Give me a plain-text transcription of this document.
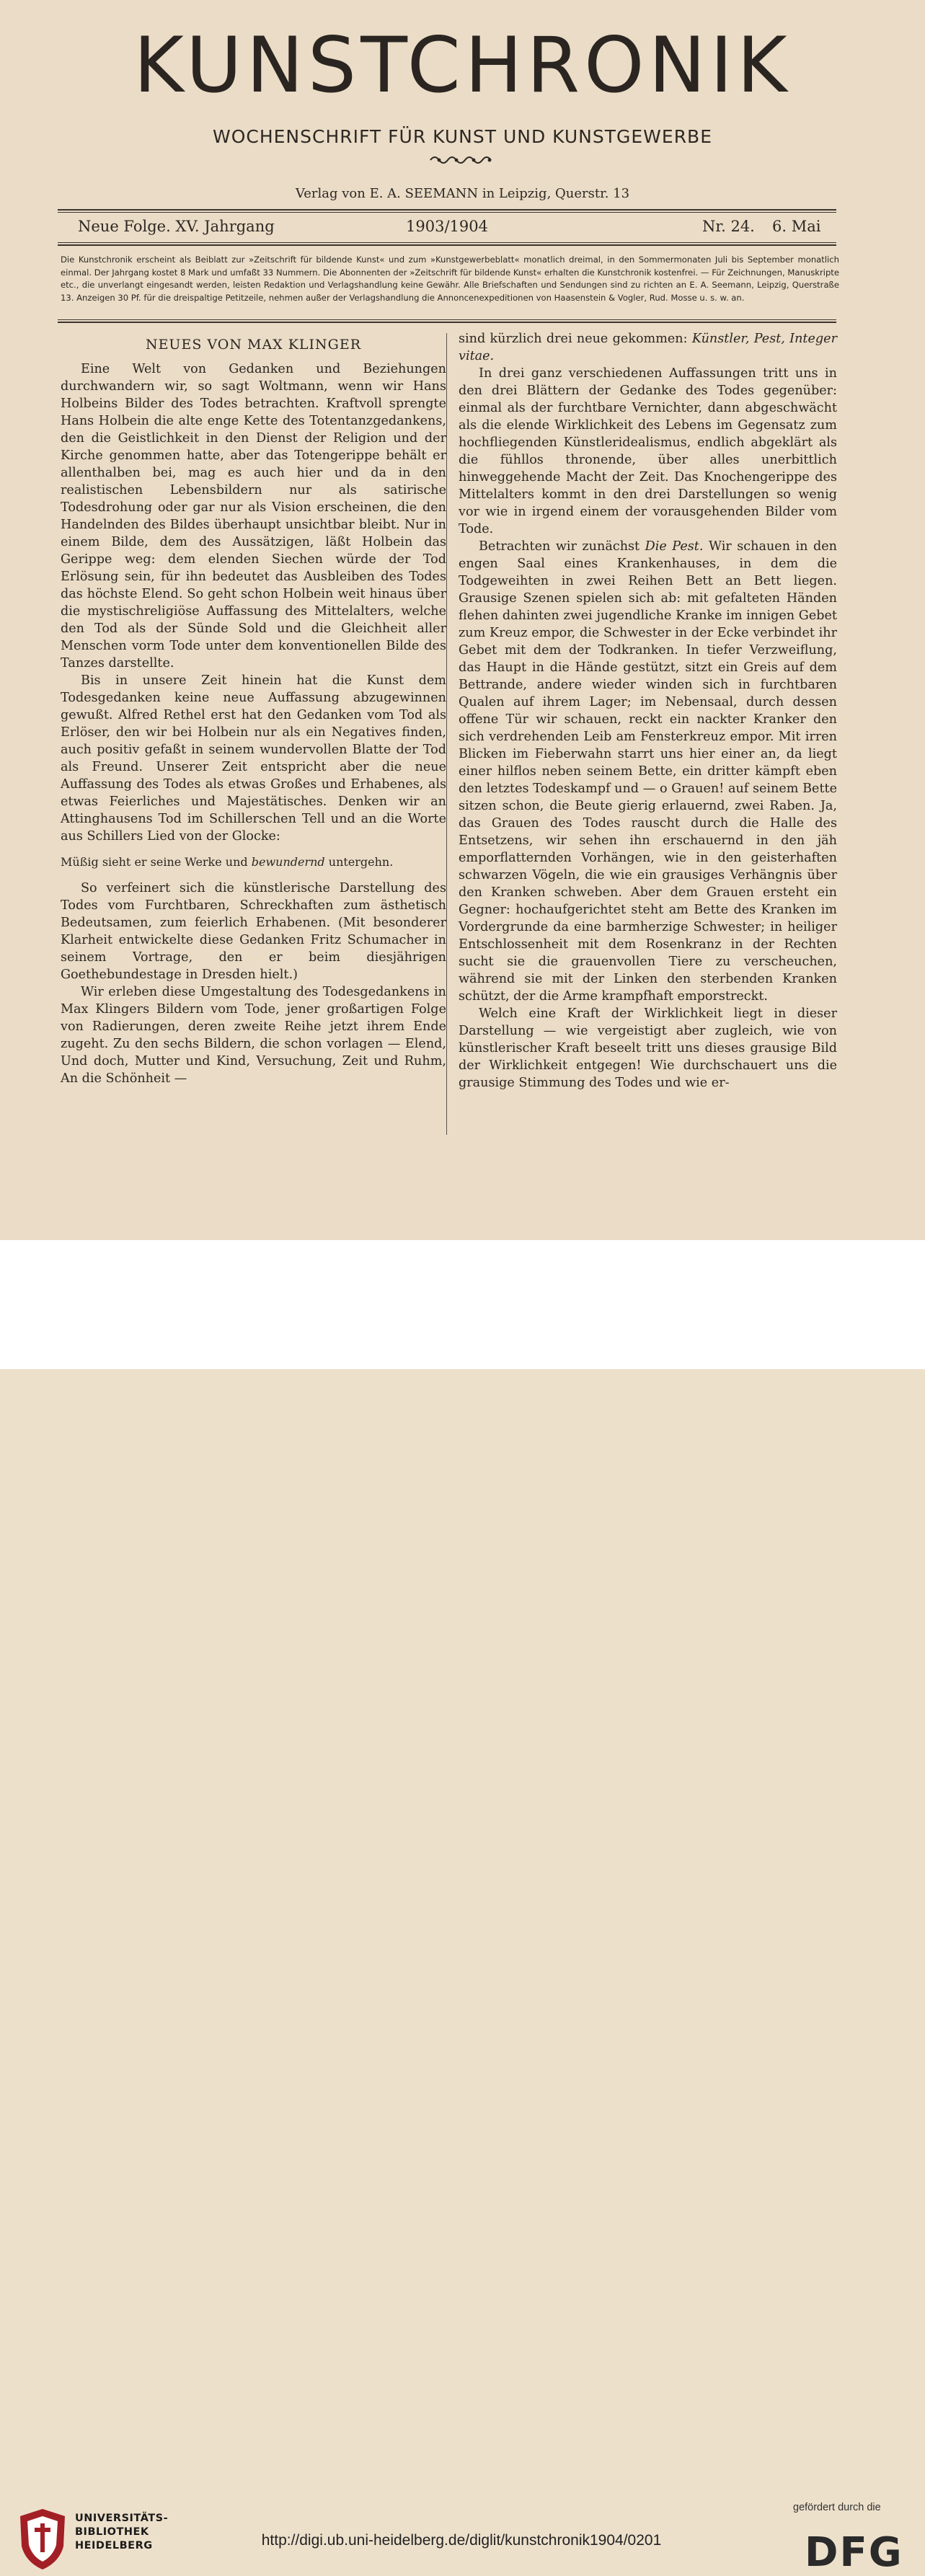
KUNSTCHRONIK
WOCHENSCHRIFT FÜR KUNST UND KUNSTGEWERBE
Verlag von E. A. SEEMANN in Leipzig, Querstr. 13
Neue Folge. XV. Jahrgang	1903/1904	Nr. 24. 6. Mai
Die Kunstchronik erscheint als Beiblatt zur »Zeitschrift für bildende Kunst« und zum »Kunstgewerbeblatt« monatlich dreimal, in den Sommermonaten Juli bis September monatlich einmal. Der Jahrgang kostet 8 Mark und umfaßt 33 Nummern. Die Abonnenten der »Zeitschrift für bildende Kunst« erhalten die Kunstchronik kostenfrei. — Für Zeichnungen, Manuskripte etc., die unverlangt eingesandt werden, leisten Redaktion und Verlagshandlung keine Gewähr. Alle Briefschaften und Sendungen sind zu richten an E. A. Seemann, Leipzig, Querstraße 13. Anzeigen 30 Pf. für die dreispaltige Petitzeile, nehmen außer der Verlagshandlung die Annoncenexpeditionen von Haasenstein & Vogler, Rud. Mosse u. s. w. an.
NEUES VON MAX KLINGER

Eine Welt von Gedanken und Beziehungen durchwandern wir, so sagt Woltmann, wenn wir Hans Holbeins Bilder des Todes betrachten. Kraftvoll sprengte Hans Holbein die alte enge Kette des Totentanzgedankens, den die Geistlichkeit in den Dienst der Religion und der Kirche genommen hatte, aber das Totengerippe behält er allenthalben bei, mag es auch hier und da in den realistischen Lebensbildern nur als satirische Todesdrohung oder gar nur als Vision erscheinen, die den Handelnden des Bildes überhaupt unsichtbar bleibt. Nur in einem Bilde, dem des Aussätzigen, läßt Holbein das Gerippe weg: dem elenden Siechen würde der Tod Erlösung sein, für ihn bedeutet das Ausbleiben des Todes das höchste Elend. So geht schon Holbein weit hinaus über die mystischreligiöse Auffassung des Mittelalters, welche den Tod als der Sünde Sold und die Gleichheit aller Menschen vorm Tode unter dem konventionellen Bilde des Tanzes darstellte.

Bis in unsere Zeit hinein hat die Kunst dem Todesgedanken keine neue Auffassung abzugewinnen gewußt. Alfred Rethel erst hat den Gedanken vom Tod als Erlöser, den wir bei Holbein nur als ein Negatives finden, auch positiv gefaßt in seinem wundervollen Blatte der Tod als Freund. Unserer Zeit entspricht aber die neue Auffassung des Todes als etwas Großes und Erhabenes, als etwas Feierliches und Majestätisches. Denken wir an Attinghausens Tod im Schillerschen Tell und an die Worte aus Schillers Lied von der Glocke:

Müßig sieht er seine Werke und bewundernd untergehn.

So verfeinert sich die künstlerische Darstellung des Todes vom Furchtbaren, Schreckhaften zum ästhetisch Bedeutsamen, zum feierlich Erhabenen. (Mit besonderer Klarheit entwickelte diese Gedanken Fritz Schumacher in seinem Vortrage, den er beim diesjährigen Goethebundestage in Dresden hielt.)

Wir erleben diese Umgestaltung des Todesgedankens in Max Klingers Bildern vom Tode, jener großartigen Folge von Radierungen, deren zweite Reihe jetzt ihrem Ende zugeht. Zu den sechs Bildern, die schon vorlagen — Elend, Und doch, Mutter und Kind, Versuchung, Zeit und Ruhm, An die Schönheit —

sind kürzlich drei neue gekommen: Künstler, Pest, Integer vitae.

In drei ganz verschiedenen Auffassungen tritt uns in den drei Blättern der Gedanke des Todes gegenüber: einmal als der furchtbare Vernichter, dann abgeschwächt als die elende Wirklichkeit des Lebens im Gegensatz zum hochfliegenden Künstleridealismus, endlich abgeklärt als die fühllos thronende, über alles unerbittlich hinweggehende Macht der Zeit. Das Knochengerippe des Mittelalters kommt in den drei Darstellungen so wenig vor wie in irgend einem der vorausgehenden Bilder vom Tode.

Betrachten wir zunächst Die Pest. Wir schauen in den engen Saal eines Krankenhauses, in dem die Todgeweihten in zwei Reihen Bett an Bett liegen. Grausige Szenen spielen sich ab: mit gefalteten Händen flehen dahinten zwei jugendliche Kranke im innigen Gebet zum Kreuz empor, die Schwester in der Ecke verbindet ihr Gebet mit dem der Todkranken. In tiefer Verzweiflung, das Haupt in die Hände gestützt, sitzt ein Greis auf dem Bettrande, andere wieder winden sich in furchtbaren Qualen auf ihrem Lager; im Nebensaal, durch dessen offene Tür wir schauen, reckt ein nackter Kranker den sich verdrehenden Leib am Fensterkreuz empor. Mit irren Blicken im Fieberwahn starrt uns hier einer an, da liegt einer hilflos neben seinem Bette, ein dritter kämpft eben den letztes Todeskampf und — o Grauen! auf seinem Bette sitzen schon, die Beute gierig erlauernd, zwei Raben. Ja, das Grauen des Todes rauscht durch die Halle des Entsetzens, wir sehen ihn erschauernd in den jäh emporflatternden Vorhängen, wie in den geisterhaften schwarzen Vögeln, die wie ein grausiges Verhängnis über den Kranken schweben. Aber dem Grauen ersteht ein Gegner: hochaufgerichtet steht am Bette des Kranken im Vordergrunde da eine barmherzige Schwester; in heiliger Entschlossenheit mit dem Rosenkranz in der Rechten sucht sie die grauenvollen Tiere zu verscheuchen, während sie mit der Linken den sterbenden Kranken schützt, der die Arme krampfhaft emporstreckt.

Welch eine Kraft der Wirklichkeit liegt in dieser Darstellung — wie vergeistigt aber zugleich, wie von künstlerischer Kraft beseelt tritt uns dieses grausige Bild der Wirklichkeit entgegen! Wie durchschauert uns die grausige Stimmung des Todes und wie er-

UNIVERSITÄTS-
BIBLIOTHEK
HEIDELBERG	http://digi.ub.uni-heidelberg.de/diglit/kunstchronik1904/0201
gefördert durch die
DFG
